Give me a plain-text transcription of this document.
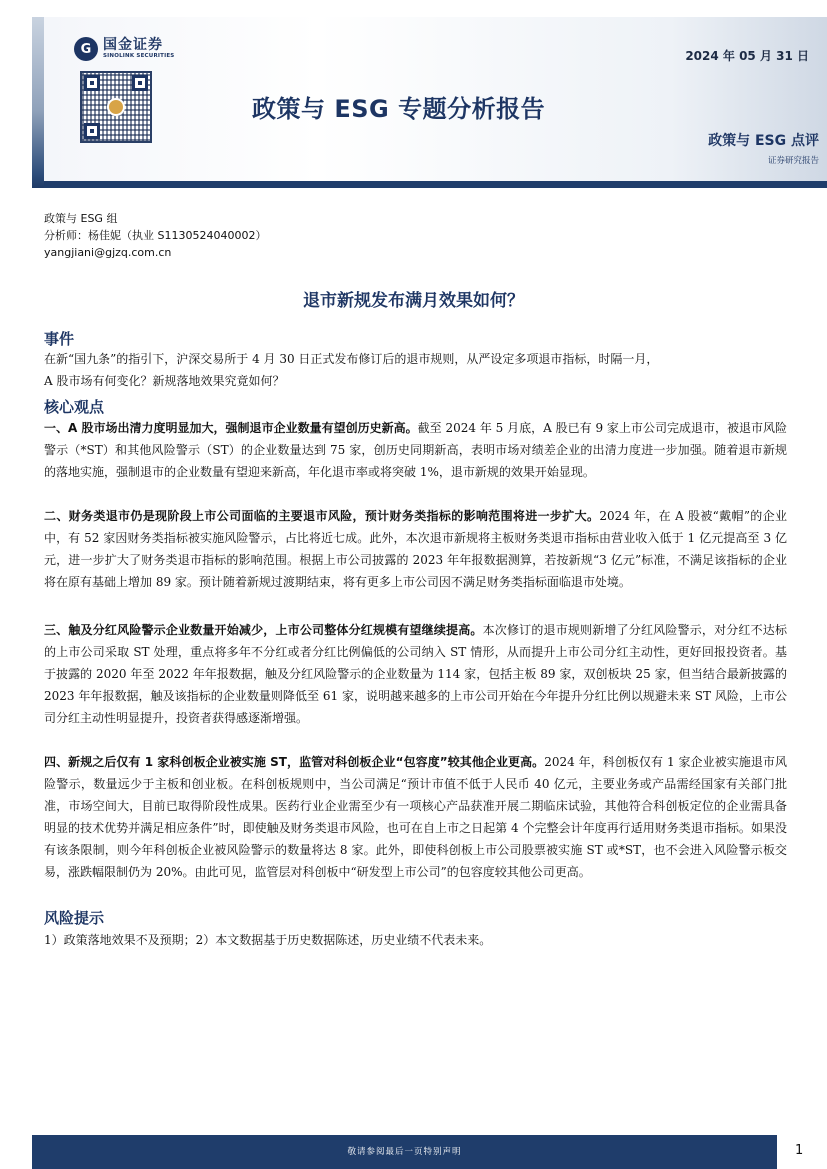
G 国金证券
SINOLINK SECURITIES	2024 年 05 月 31 日
政策与 ESG 专题分析报告
政策与 ESG 点评
证券研究报告
政策与 ESG 组
分析师：杨佳妮（执业 S1130524040002）
yangjiani@gjzq.com.cn
退市新规发布满月效果如何？
事件
在新“国九条”的指引下，沪深交易所于 4 月 30 日正式发布修订后的退市规则，从严设定多项退市指标，时隔一月，
A 股市场有何变化？新规落地效果究竟如何？
核心观点
一、A 股市场出清力度明显加大，强制退市企业数量有望创历史新高。截至 2024 年 5 月底，A 股已有 9 家上市公司完成退市，被退市风险警示（*ST）和其他风险警示（ST）的企业数量达到 75 家，创历史同期新高，表明市场对绩差企业的出清力度进一步加强。随着退市新规的落地实施，强制退市的企业数量有望迎来新高，年化退市率或将突破 1%，退市新规的效果开始显现。
二、财务类退市仍是现阶段上市公司面临的主要退市风险，预计财务类指标的影响范围将进一步扩大。2024 年，在 A 股被“戴帽”的企业中，有 52 家因财务类指标被实施风险警示，占比将近七成。此外，本次退市新规将主板财务类退市指标由营业收入低于 1 亿元提高至 3 亿元，进一步扩大了财务类退市指标的影响范围。根据上市公司披露的 2023 年年报数据测算，若按新规“3 亿元”标准，不满足该指标的企业将在原有基础上增加 89 家。预计随着新规过渡期结束，将有更多上市公司因不满足财务类指标面临退市处境。
三、触及分红风险警示企业数量开始减少，上市公司整体分红规模有望继续提高。本次修订的退市规则新增了分红风险警示，对分红不达标的上市公司采取 ST 处理，重点将多年不分红或者分红比例偏低的公司纳入 ST 情形，从而提升上市公司分红主动性，更好回报投资者。基于披露的 2020 年至 2022 年年报数据，触及分红风险警示的企业数量为 114 家，包括主板 89 家，双创板块 25 家，但当结合最新披露的 2023 年年报数据，触及该指标的企业数量则降低至 61 家，说明越来越多的上市公司开始在今年提升分红比例以规避未来 ST 风险，上市公司分红主动性明显提升，投资者获得感逐渐增强。
四、新规之后仅有 1 家科创板企业被实施 ST，监管对科创板企业“包容度”较其他企业更高。2024 年，科创板仅有 1 家企业被实施退市风险警示，数量远少于主板和创业板。在科创板规则中，当公司满足“预计市值不低于人民币 40 亿元，主要业务或产品需经国家有关部门批准，市场空间大，目前已取得阶段性成果。医药行业企业需至少有一项核心产品获准开展二期临床试验，其他符合科创板定位的企业需具备明显的技术优势并满足相应条件”时，即使触及财务类退市风险，也可在自上市之日起第 4 个完整会计年度再行适用财务类退市指标。如果没有该条限制，则今年科创板企业被风险警示的数量将达 8 家。此外，即使科创板上市公司股票被实施 ST 或*ST，也不会进入风险警示板交易，涨跌幅限制仍为 20%。由此可见，监管层对科创板中“研发型上市公司”的包容度较其他公司更高。
风险提示
1）政策落地效果不及预期；2）本文数据基于历史数据陈述，历史业绩不代表未来。
敬请参阅最后一页特别声明	1
